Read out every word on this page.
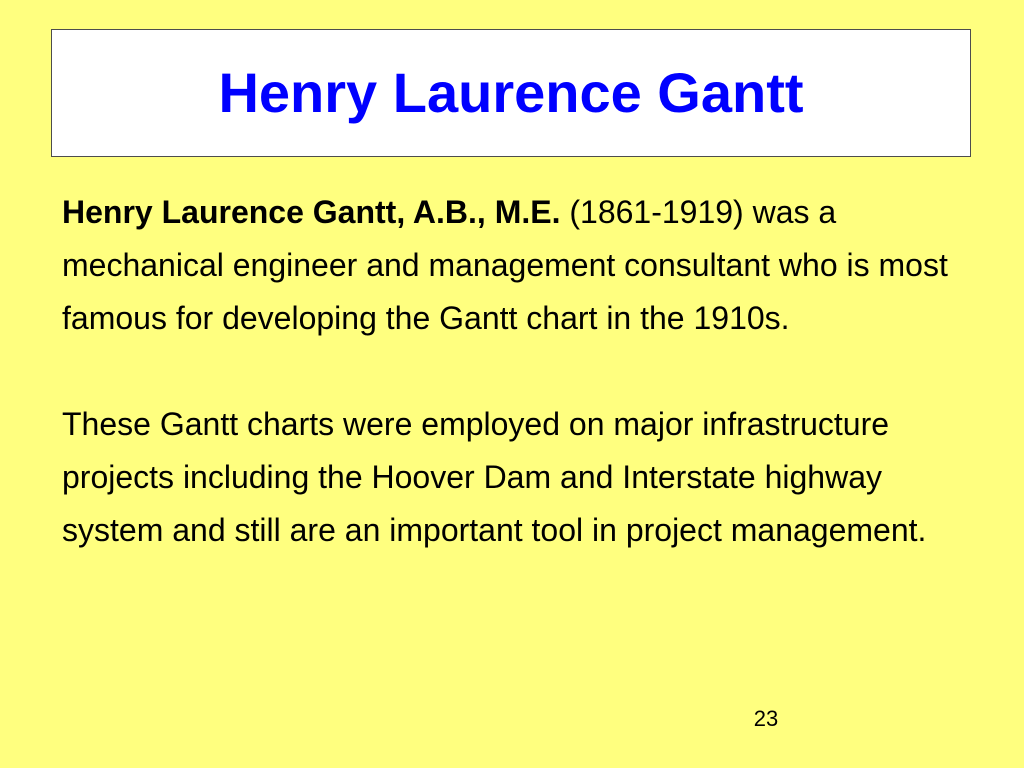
Henry Laurence Gantt

Henry Laurence Gantt, A.B., M.E. (1861-1919) was a mechanical engineer and management consultant who is most famous for developing the Gantt chart in the 1910s.

These Gantt charts were employed on major infrastructure projects including the Hoover Dam and Interstate highway system and still are an important tool in project management.

23
